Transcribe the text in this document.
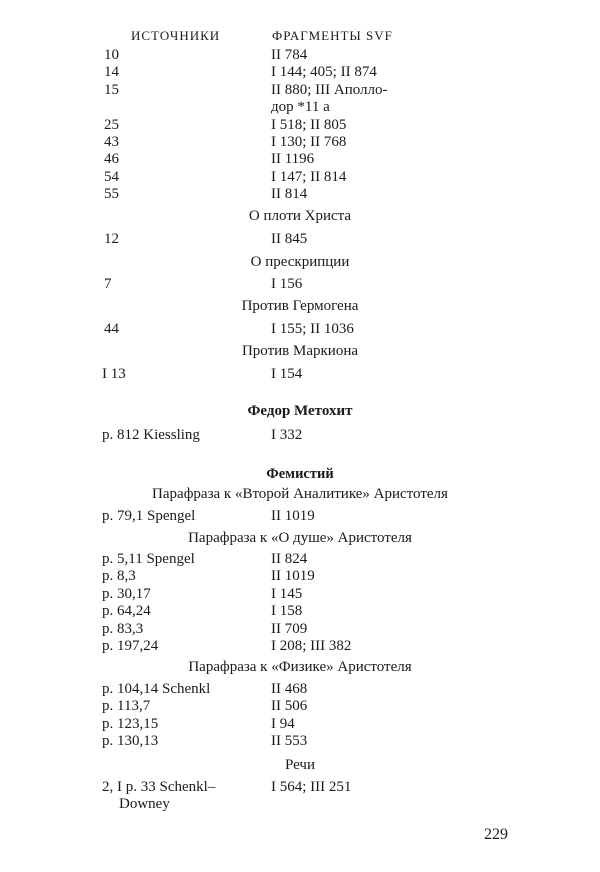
ИСТОЧНИКИ	ФРАГМЕНТЫ SVF
10	II 784
14	I 144; 405; II 874
15	II 880; III Аполло-
дор *11 а
25	I 518; II 805
43	I 130; II 768
46	II 1196
54	I 147; II 814
55	II 814
О плоти Христа
12	II 845
О прескрипции
7	I 156
Против Гермогена
44	I 155; II 1036
Против Маркиона
I 13	I 154
Федор Метохит
p. 812 Kiessling	I 332
Фемистий
Парафраза к «Второй Аналитике» Аристотеля
p. 79,1 Spengel	II 1019
Парафраза к «О душе» Аристотеля
p. 5,11 Spengel	II 824
p. 8,3	II 1019
p. 30,17	I 145
p. 64,24	I 158
p. 83,3	II 709
p. 197,24	I 208; III 382
Парафраза к «Физике» Аристотеля
p. 104,14 Schenkl	II 468
p. 113,7	II 506
p. 123,15	I 94
p. 130,13	II 553
Речи
2, I p. 33 Schenkl–	I 564; III 251
Downey
229
